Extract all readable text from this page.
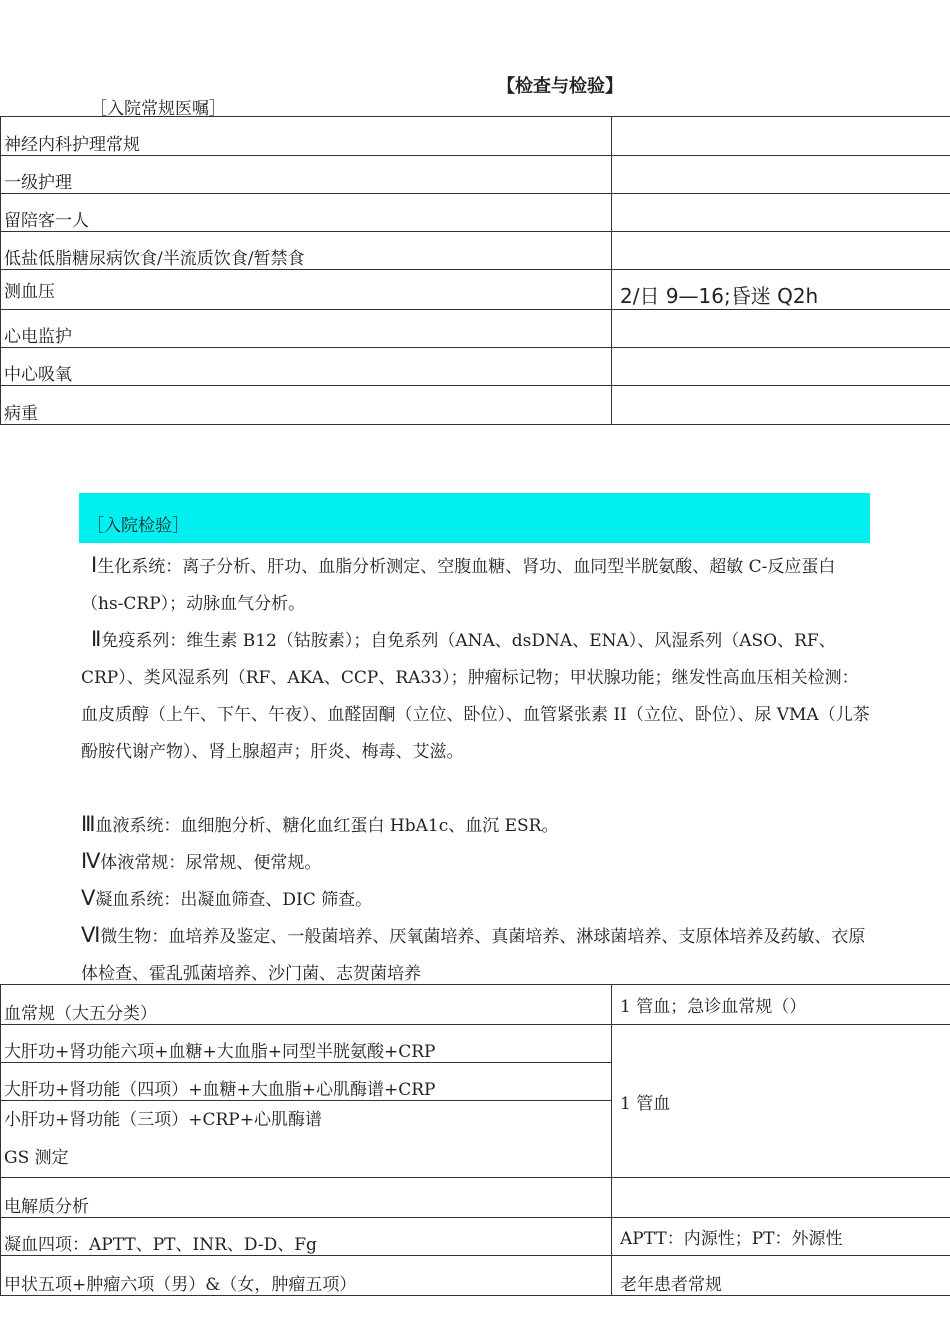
【检查与检验】
［入院常规医嘱］
神经内科护理常规	
一级护理	
留陪客一人	
低盐低脂糖尿病饮食/半流质饮食/暂禁食	
测血压	2/日 9—16;昏迷 Q2h
心电监护	
中心吸氧	
病重	
［入院检验］
Ⅰ生化系统：离子分析、肝功、血脂分析测定、空腹血糖、肾功、血同型半胱氨酸、超敏 C-反应蛋白（hs-CRP）；动脉血气分析。
Ⅱ免疫系列：维生素 B12（钴胺素）；自免系列（ANA、dsDNA、ENA）、风湿系列（ASO、RF、CRP）、类风湿系列（RF、AKA、CCP、RA33）；肿瘤标记物；甲状腺功能；继发性高血压相关检测：血皮质醇（上午、下午、午夜）、血醛固酮（立位、卧位）、血管紧张素 II（立位、卧位）、尿 VMA（儿茶酚胺代谢产物）、肾上腺超声；肝炎、梅毒、艾滋。
Ⅲ血液系统：血细胞分析、糖化血红蛋白 HbA1c、血沉 ESR。
Ⅳ体液常规：尿常规、便常规。
Ⅴ凝血系统：出凝血筛查、DIC 筛查。
Ⅵ微生物：血培养及鉴定、一般菌培养、厌氧菌培养、真菌培养、淋球菌培养、支原体培养及药敏、衣原体检查、霍乱弧菌培养、沙门菌、志贺菌培养
血常规（大五分类）	1 管血；急诊血常规（）
大肝功+肾功能六项+血糖+大血脂+同型半胱氨酸+CRP	1 管血
大肝功+肾功能（四项）+血糖+大血脂+心肌酶谱+CRP	

小肝功+肾功能（三项）+CRP+心肌酶谱
GS 测定	

电解质分析	
凝血四项：APTT、PT、INR、D-D、Fg	APTT：内源性；PT：外源性
甲状五项+肿瘤六项（男）&（女，肿瘤五项）	老年患者常规
